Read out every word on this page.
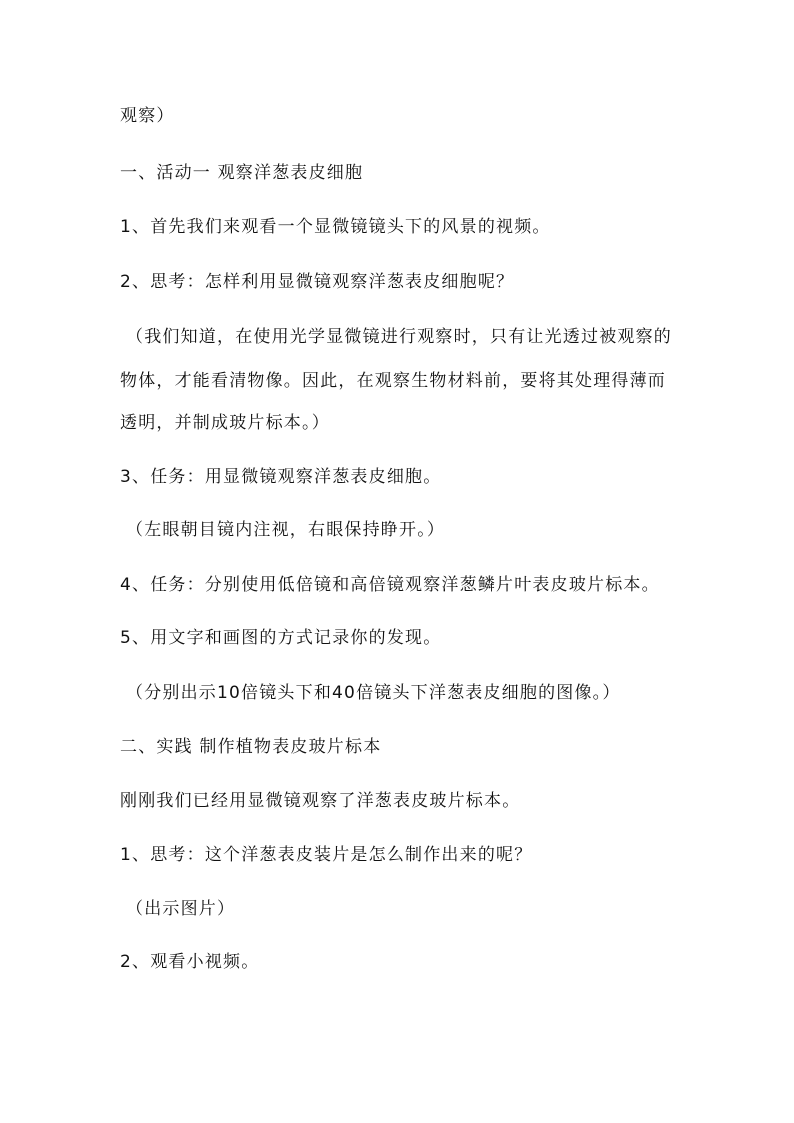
观察）
一、活动一 观察洋葱表皮细胞
1、首先我们来观看一个显微镜镜头下的风景的视频。
2、思考：怎样利用显微镜观察洋葱表皮细胞呢？
（我们知道，在使用光学显微镜进行观察时，只有让光透过被观察的
物体，才能看清物像。因此，在观察生物材料前，要将其处理得薄而
透明，并制成玻片标本。）
3、任务：用显微镜观察洋葱表皮细胞。
（左眼朝目镜内注视，右眼保持睁开。）
4、任务：分别使用低倍镜和高倍镜观察洋葱鳞片叶表皮玻片标本。
5、用文字和画图的方式记录你的发现。
（分别出示10倍镜头下和40倍镜头下洋葱表皮细胞的图像。）
二、实践 制作植物表皮玻片标本
刚刚我们已经用显微镜观察了洋葱表皮玻片标本。
1、思考：这个洋葱表皮装片是怎么制作出来的呢？
（出示图片）
2、观看小视频。
